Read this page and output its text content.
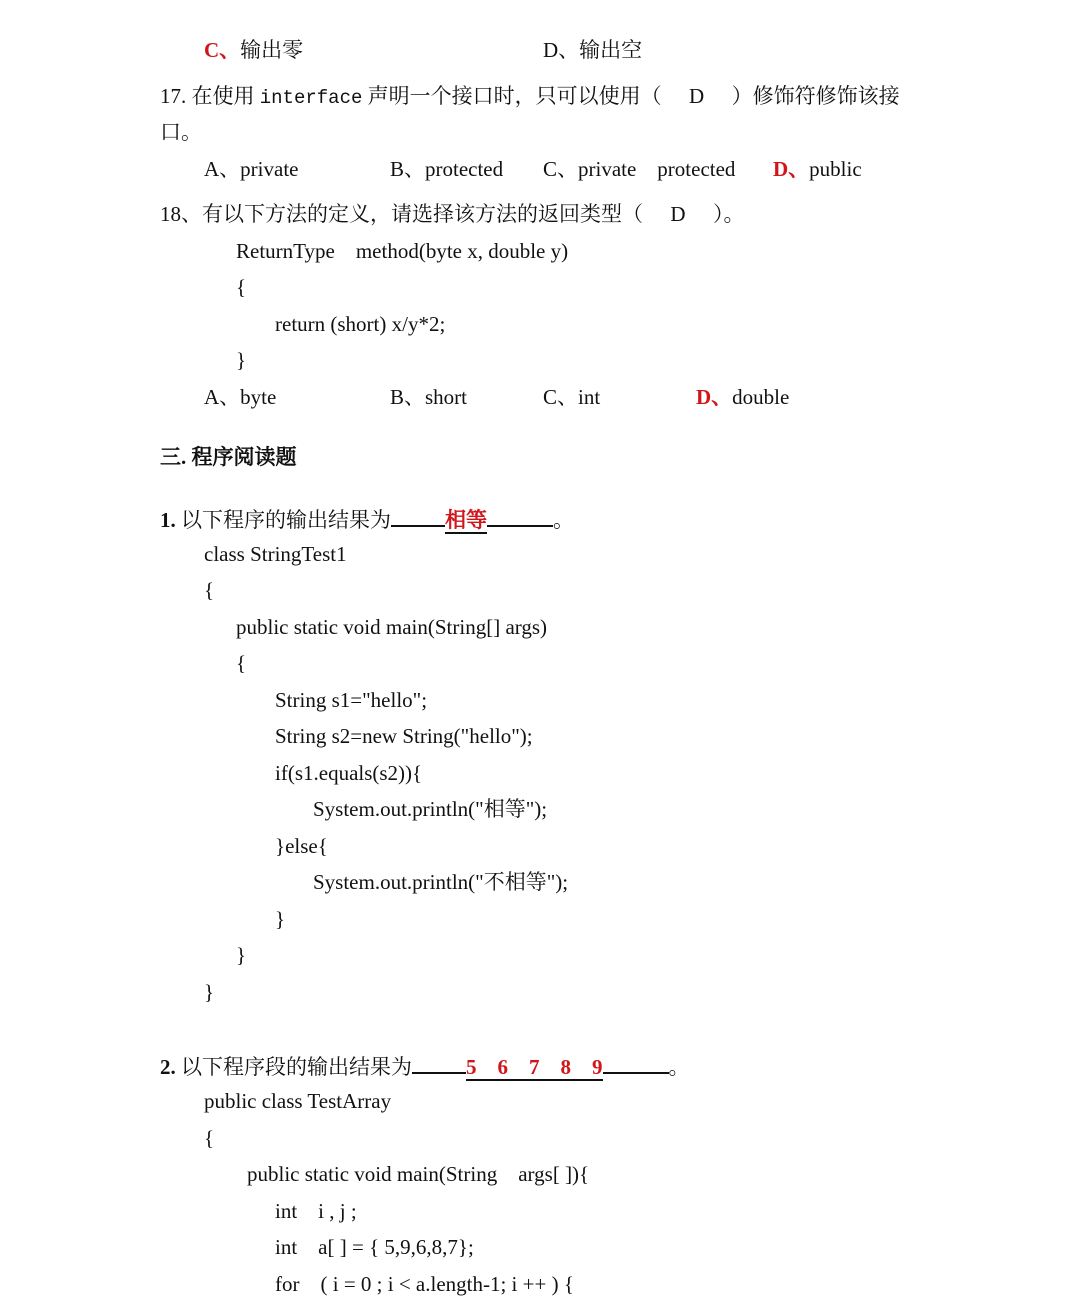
C、输出零	D、输出空
17. 在使用 interface 声明一个接口时，只可以使用（ D ）修饰符修饰该接
口。
A、private	B、protected C、private　protected D、public
18、有以下方法的定义，请选择该方法的返回类型（ D ）。
ReturnType　method(byte x, double y)
{
return (short) x/y*2;
}
A、byte	B、short	C、int	D、double
三. 程序阅读题
1. 以下程序的输出结果为	相等	。
class StringTest1
{
public static void main(String[] args)
{
String s1="hello";
String s2=new String("hello");
if(s1.equals(s2)){
System.out.println("相等");
}else{
System.out.println("不相等");
}
}
}
2. 以下程序段的输出结果为	5　6　7　8　9	。
public class TestArray
{
public static void main(String　args[ ]){
int　i , j ;
int　a[ ] = { 5,9,6,8,7};
for　( i = 0 ; i < a.length-1; i ++ ) {
